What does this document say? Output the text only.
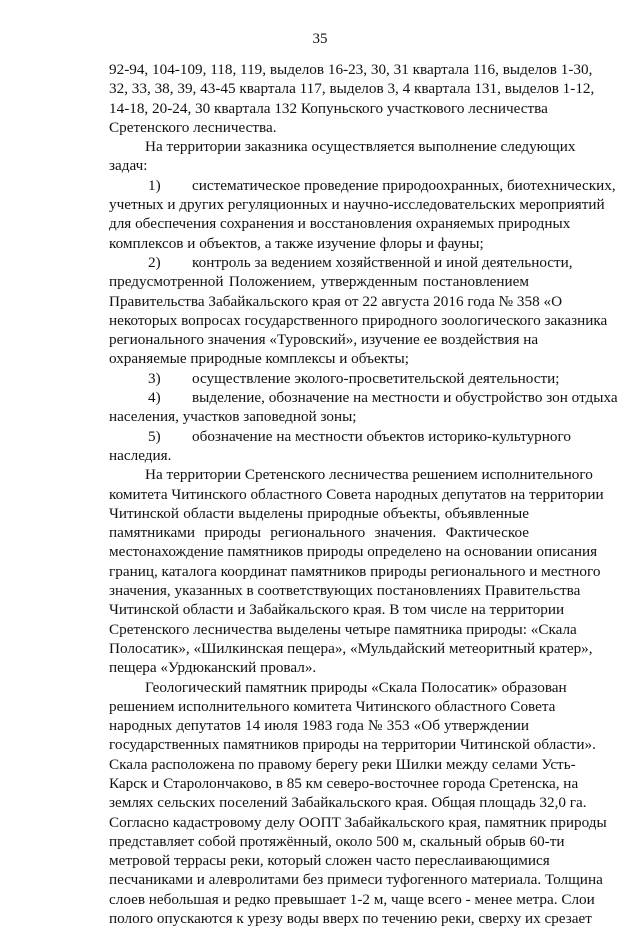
35
92-94, 104-109, 118, 119, выделов 16-23, 30, 31 квартала 116, выделов 1-30,
32, 33, 38, 39, 43-45 квартала 117, выделов 3, 4 квартала 131, выделов 1-12,
14-18, 20-24, 30 квартала 132 Копуньского участкового лесничества
Сретенского лесничества.
На территории заказника осуществляется выполнение следующих
задач:
1) систематическое проведение природоохранных, биотехнических,
учетных и других регуляционных и научно-исследовательских мероприятий
для обеспечения сохранения и восстановления охраняемых природных
комплексов и объектов, а также изучение флоры и фауны;
2) контроль за ведением хозяйственной и иной деятельности,
предусмотренной Положением, утвержденным постановлением
Правительства Забайкальского края от 22 августа 2016 года № 358 «О
некоторых вопросах государственного природного зоологического заказника
регионального значения «Туровский», изучение ее воздействия на
охраняемые природные комплексы и объекты;
3) осуществление эколого-просветительской деятельности;
4) выделение, обозначение на местности и обустройство зон отдыха
населения, участков заповедной зоны;
5) обозначение на местности объектов историко-культурного
наследия.
На территории Сретенского лесничества решением исполнительного
комитета Читинского областного Совета народных депутатов на территории
Читинской области выделены природные объекты, объявленные
памятниками природы регионального значения. Фактическое
местонахождение памятников природы определено на основании описания
границ, каталога координат памятников природы регионального и местного
значения, указанных в соответствующих постановлениях Правительства
Читинской области и Забайкальского края. В том числе на территории
Сретенского лесничества выделены четыре памятника природы: «Скала
Полосатик», «Шилкинская пещера», «Мульдайский метеоритный кратер»,
пещера «Урдюканский провал».
Геологический памятник природы «Скала Полосатик» образован
решением исполнительного комитета Читинского областного Совета
народных депутатов 14 июля 1983 года № 353 «Об утверждении
государственных памятников природы на территории Читинской области».
Скала расположена по правому берегу реки Шилки между селами Усть-
Карск и Старолончаково, в 85 км северо-восточнее города Сретенска, на
землях сельских поселений Забайкальского края. Общая площадь 32,0 га.
Согласно кадастровому делу ООПТ Забайкальского края, памятник природы
представляет собой протяжённый, около 500 м, скальный обрыв 60-ти
метровой террасы реки, который сложен часто переслаивающимися
песчаниками и алевролитами без примеси туфогенного материала. Толщина
слоев небольшая и редко превышает 1-2 м, чаще всего - менее метра. Слои
полого опускаются к урезу воды вверх по течению реки, сверху их срезает
